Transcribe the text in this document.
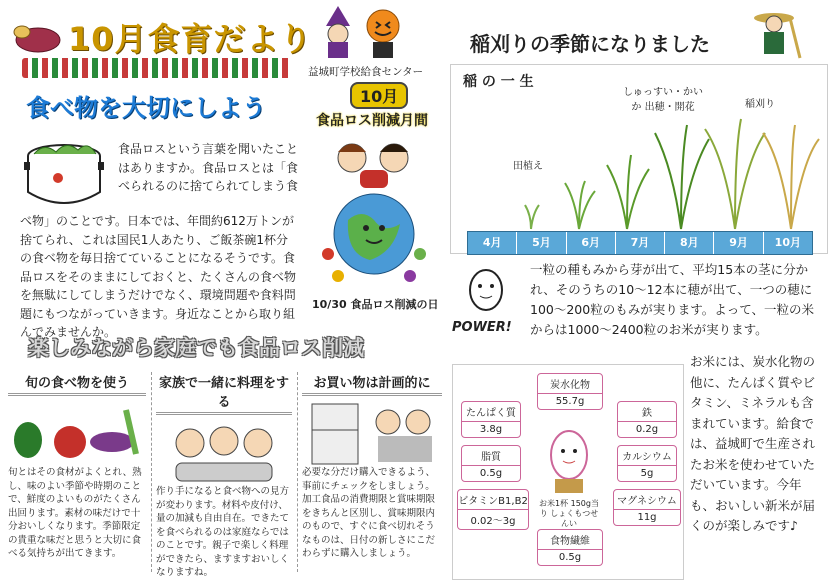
10月食育だより
益城町学校給食センター
10月
食品ロス削減月間
10/30 食品ロス削減の日
食べ物を大切にしよう
食品ロスという言葉を聞いたことはありますか。食品ロスとは「食べられるのに捨てられてしまう食
べ物」のことです。日本では、年間約612万トンが捨てられ、これは国民1人あたり、ご飯茶碗1杯分の食べ物を毎日捨てていることになるそうです。食品ロスをそのままにしておくと、たくさんの食べ物を無駄にしてしまうだけでなく、環境問題や食料問題にもつながっていきます。身近なことから取り組んでみませんか。
楽しみながら家庭でも食品ロス削減
旬の食べ物を使う
旬とはその食材がよくとれ、熟し、味のよい季節や時期のことで、鮮度のよいものがたくさん出回ります。素材の味だけで十分おいしくなります。季節限定の貴重な味だと思うと大切に食べる気持ちが出てきます。
家族で一緒に料理をする
作り手になると食べ物への見方が変わります。材料や皮付け、量の加減も自由自在。できたてを食べられるのは家庭ならではのことです。親子で楽しく料理ができたら、ますますおいしくなりますね。
お買い物は計画的に
必要な分だけ購入できるよう、事前にチェックをしましょう。加工食品の消費期限と賞味期限をきちんと区別し、賞味期限内のもので、すぐに食べ切れそうなものは、日付の新しさにこだわらずに購入しましょう。
稲刈りの季節になりました
稲 の 一 生
田植え
しゅっすい・かいか 出穂・開花	稲刈り
4月	5月	6月	7月	8月	9月	10月
POWER!
一粒の種もみから芽が出て、平均15本の茎に分かれ、そのうちの10〜12本に穂が出て、一つの穂に 100〜200粒のもみが実ります。よって、一粒の米からは1000〜2400粒のお米が実ります。
炭水化物
55.7g
鉄
0.2g
カルシウム
5g
マグネシウム
11g
食物繊維
0.5g
ビタミンB1,B2
0.02〜3g
脂質
0.5g
たんぱく質
3.8g
お米1杯 150g当り しょくもつせんい
お米には、炭水化物の他に、たんぱく質やビタミン、ミネラルも含まれています。給食では、益城町で生産されたお米を使わせていただいています。今年も、おいしい新米が届くのが楽しみです♪
